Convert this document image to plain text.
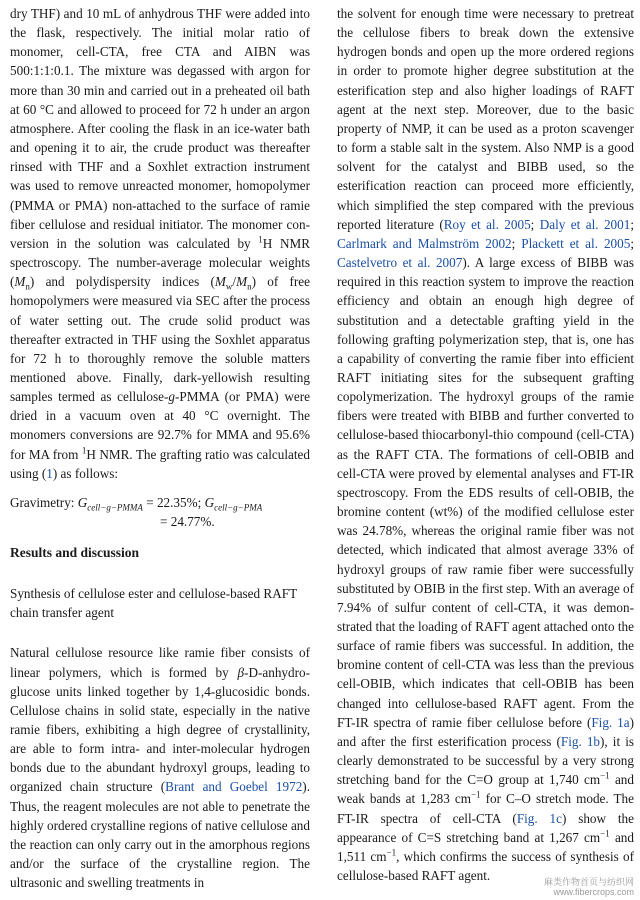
dry THF) and 10 mL of anhydrous THF were added into the flask, respectively. The initial molar ratio of monomer, cell-CTA, free CTA and AIBN was 500:1:1:0.1. The mixture was degassed with argon for more than 30 min and carried out in a preheated oil bath at 60 °C and allowed to proceed for 72 h under an argon atmosphere. After cooling the flask in an ice-water bath and opening it to air, the crude product was thereafter rinsed with THF and a Soxhlet extraction instrument was used to remove unreacted monomer, homopolymer (PMMA or PMA) non-attached to the surface of ramie fiber cellulose and residual initiator. The monomer conversion in the solution was calculated by $^1$H NMR spectroscopy. The number-average molecular weights $(M_n)$ and polydispersity indices $(M_w/M_n)$ of free homopolymers were measured via SEC after the process of water setting out. The crude solid product was thereafter extracted in THF using the Soxhlet apparatus for 72 h to thoroughly remove the soluble matters mentioned above. Finally, dark-yellowish resulting samples termed as cellulose-g-PMMA (or PMA) were dried in a vacuum oven at 40 °C overnight. The monomers conversions are 92.7% for MMA and 95.6% for MA from $^1$H NMR. The grafting ratio was calculated using (1) as follows:

Gravimetry: $G_{cell-g-PMMA} = 22.35\%$; $G_{cell-g-PMA}$
= 24.77%.
Results and discussion
Synthesis of cellulose ester and cellulose-based RAFT chain transfer agent

Natural cellulose resource like ramie fiber consists of linear polymers, which is formed by β-D-anhydroglucose units linked together by 1,4-glucosidic bonds. Cellulose chains in solid state, especially in the native ramie fibers, exhibiting a high degree of crystallinity, are able to form intra- and inter-molecular hydrogen bonds due to the abundant hydroxyl groups, leading to organized chain structure (Brant and Goebel 1972). Thus, the reagent molecules are not able to penetrate the highly ordered crystalline regions of native cellulose and the reaction can only carry out in the amorphous regions and/or the surface of the crystalline region. The ultrasonic and swelling treatments in

the solvent for enough time were necessary to pretreat the cellulose fibers to break down the extensive hydrogen bonds and open up the more ordered regions in order to promote higher degree substitution at the esterification step and also higher loadings of RAFT agent at the next step. Moreover, due to the basic property of NMP, it can be used as a proton scavenger to form a stable salt in the system. Also NMP is a good solvent for the catalyst and BIBB used, so the esterification reaction can proceed more efficiently, which simplified the step compared with the previous reported literature (Roy et al. 2005; Daly et al. 2001; Carlmark and Malmström 2002; Plackett et al. 2005; Castelvetro et al. 2007). A large excess of BIBB was required in this reaction system to improve the reaction efficiency and obtain an enough high degree of substitution and a detectable grafting yield in the following grafting polymerization step, that is, one has a capability of converting the ramie fiber into efficient RAFT initiating sites for the subsequent grafting copolymerization. The hydroxyl groups of the ramie fibers were treated with BIBB and further converted to cellulose-based thiocarbonyl-thio compound (cell-CTA) as the RAFT CTA. The formations of cell-OBIB and cell-CTA were proved by elemental analyses and FT-IR spectroscopy. From the EDS results of cell-OBIB, the bromine content (wt%) of the modified cellulose ester was 24.78%, whereas the original ramie fiber was not detected, which indicated that almost average 33% of hydroxyl groups of raw ramie fiber were successfully substituted by OBIB in the first step. With an average of 7.94% of sulfur content of cell-CTA, it was demonstrated that the loading of RAFT agent attached onto the surface of ramie fibers was successful. In addition, the bromine content of cell-CTA was less than the previous cell-OBIB, which indicates that cell-OBIB has been changed into cellulose-based RAFT agent. From the FT-IR spectra of ramie fiber cellulose before (Fig. 1a) and after the first esterification process (Fig. 1b), it is clearly demonstrated to be successful by a very strong stretching band for the C=O group at 1,740 $cm^{-1}$ and weak bands at 1,283 $cm^{-1}$ for C–O stretch mode. The FT-IR spectra of cell-CTA (Fig. 1c) show the appearance of C=S stretching band at 1,267 $cm^{-1}$ and 1,511 $cm^{-1}$, which confirms the success of synthesis of cellulose-based RAFT agent.	麻类作物首页与纺织网
www.fibercrops.com
